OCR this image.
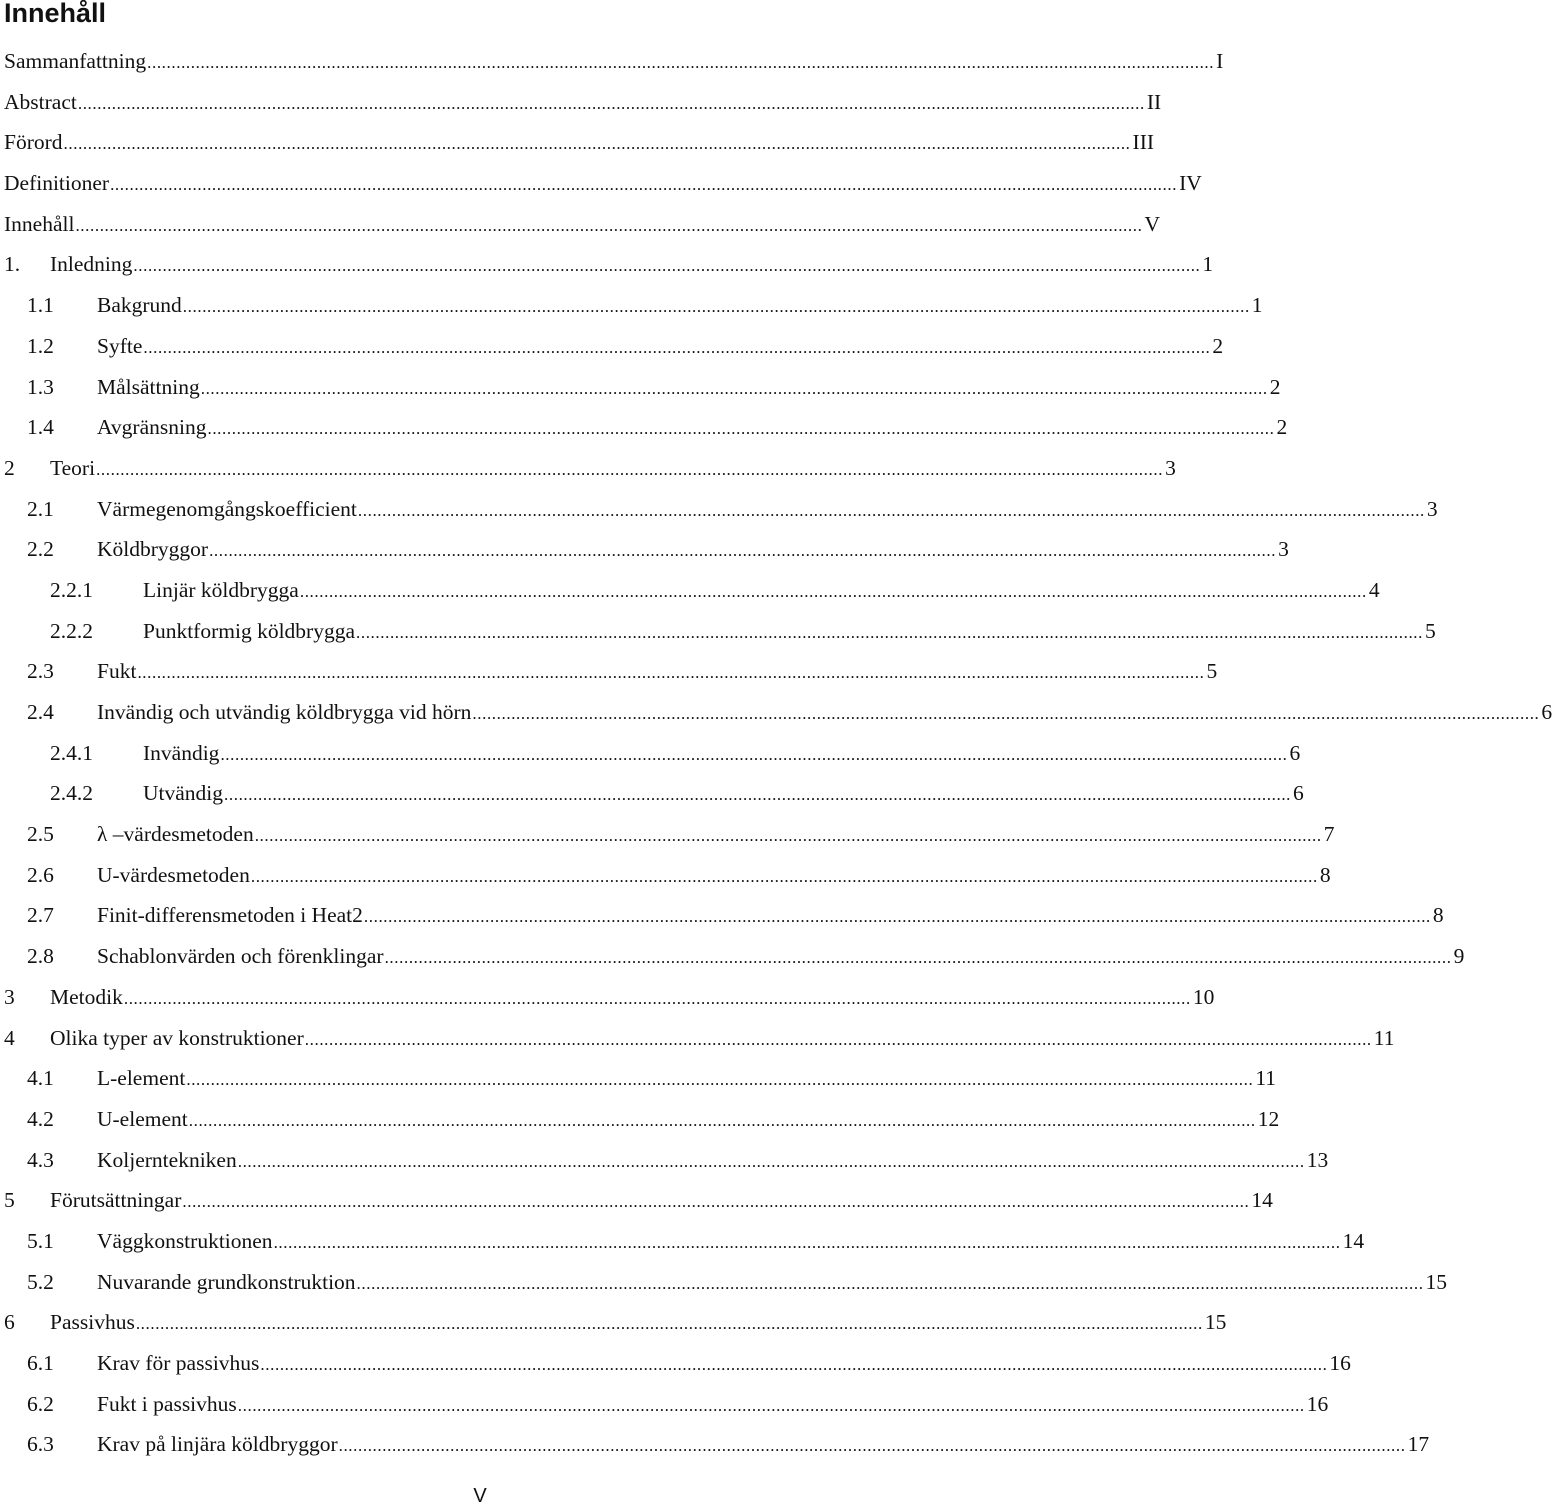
Innehåll
Sammanfattning ............................................................................................................................................................................................................................ I
Abstract ............................................................................................................................................................................................................................ II
Förord ............................................................................................................................................................................................................................ III
Definitioner ............................................................................................................................................................................................................................ IV
Innehåll ............................................................................................................................................................................................................................ V
1. Inledning ............................................................................................................................................................................................................................ 1
1.1 Bakgrund ............................................................................................................................................................................................................................ 1
1.2 Syfte ............................................................................................................................................................................................................................ 2
1.3 Målsättning ............................................................................................................................................................................................................................ 2
1.4 Avgränsning ............................................................................................................................................................................................................................ 2
2 Teori ............................................................................................................................................................................................................................ 3
2.1 Värmegenomgångskoefficient ............................................................................................................................................................................................................................ 3
2.2 Köldbryggor ............................................................................................................................................................................................................................ 3
2.2.1 Linjär köldbrygga ............................................................................................................................................................................................................................ 4
2.2.2 Punktformig köldbrygga ............................................................................................................................................................................................................................ 5
2.3 Fukt ............................................................................................................................................................................................................................ 5
2.4 Invändig och utvändig köldbrygga vid hörn ............................................................................................................................................................................................................................ 6
2.4.1 Invändig ............................................................................................................................................................................................................................ 6
2.4.2 Utvändig ............................................................................................................................................................................................................................ 6
2.5 λ –värdesmetoden ............................................................................................................................................................................................................................ 7
2.6 U-värdesmetoden ............................................................................................................................................................................................................................ 8
2.7 Finit-differensmetoden i Heat2 ............................................................................................................................................................................................................................ 8
2.8 Schablonvärden och förenklingar ............................................................................................................................................................................................................................ 9
3 Metodik ............................................................................................................................................................................................................................ 10
4 Olika typer av konstruktioner ............................................................................................................................................................................................................................ 11
4.1 L-element ............................................................................................................................................................................................................................ 11
4.2 U-element ............................................................................................................................................................................................................................ 12
4.3 Koljerntekniken ............................................................................................................................................................................................................................ 13
5 Förutsättningar ............................................................................................................................................................................................................................ 14
5.1 Väggkonstruktionen ............................................................................................................................................................................................................................ 14
5.2 Nuvarande grundkonstruktion ............................................................................................................................................................................................................................ 15
6 Passivhus ............................................................................................................................................................................................................................ 15
6.1 Krav för passivhus ............................................................................................................................................................................................................................ 16
6.2 Fukt i passivhus ............................................................................................................................................................................................................................ 16
6.3 Krav på linjära köldbryggor ............................................................................................................................................................................................................................ 17
V
